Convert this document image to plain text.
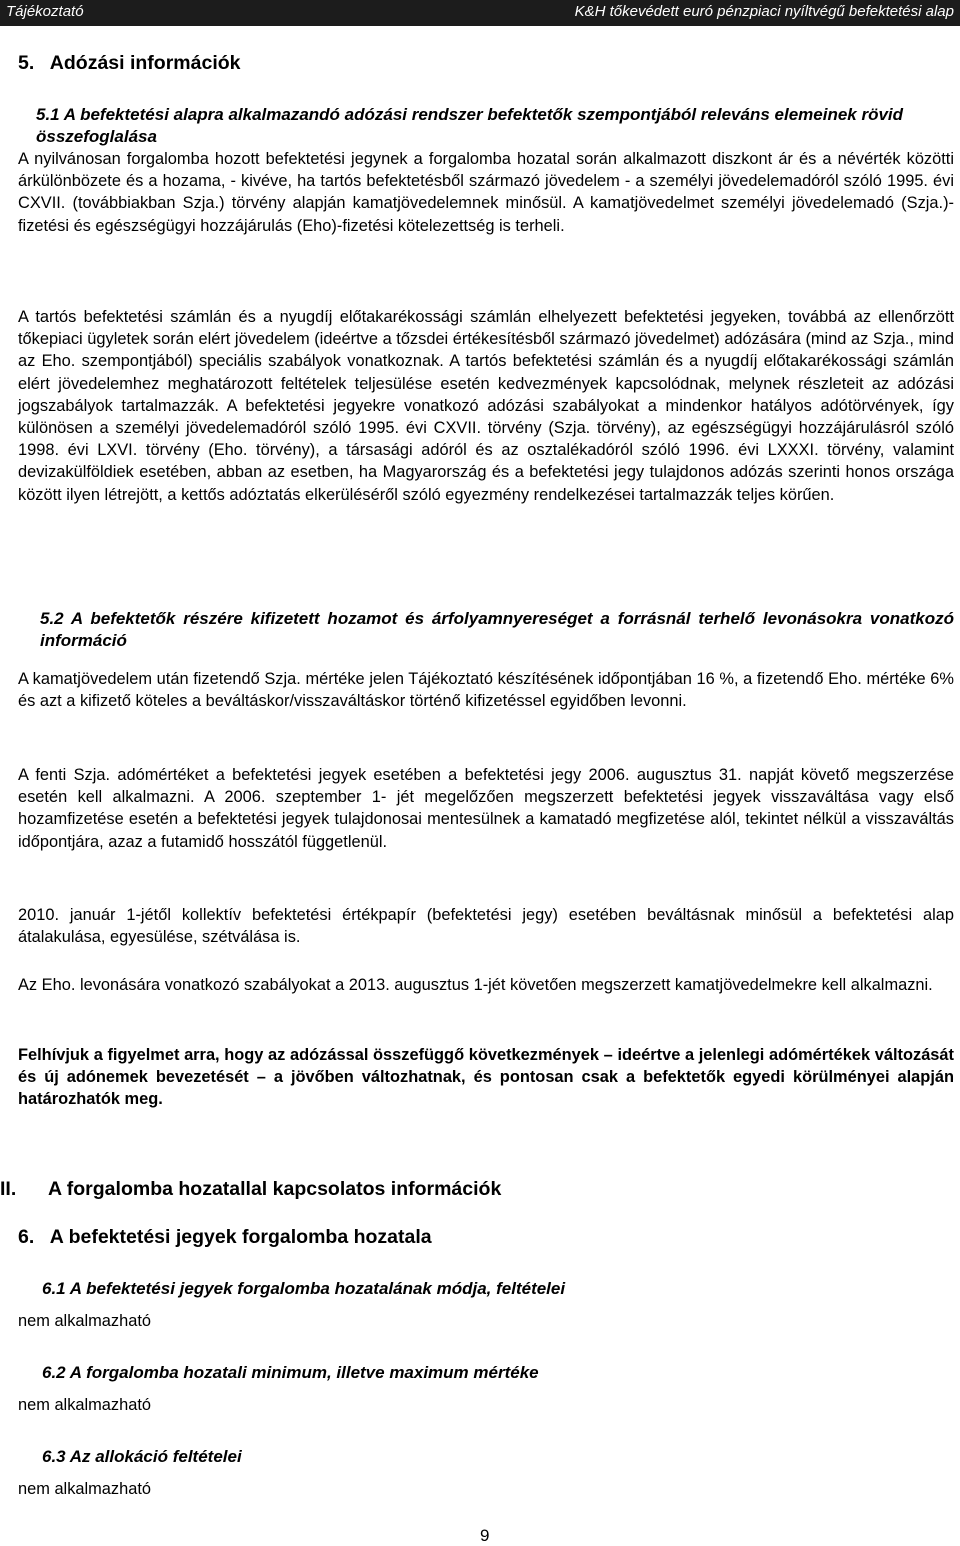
Tájékoztató	K&H tőkevédett euró pénzpiaci nyíltvégű befektetési alap
5.   Adózási információk
5.1 A befektetési alapra alkalmazandó adózási rendszer befektetők szempontjából releváns elemeinek rövid összefoglalása
A nyilvánosan forgalomba hozott befektetési jegynek a forgalomba hozatal során alkalmazott diszkont ár és a névérték közötti árkülönbözete és a hozama, - kivéve, ha tartós befektetésből származó jövedelem - a személyi jövedelemadóról szóló 1995. évi CXVII. (továbbiakban Szja.) törvény alapján kamatjövedelemnek minősül. A kamatjövedelmet személyi jövedelemadó (Szja.)-fizetési és egészségügyi hozzájárulás (Eho)-fizetési kötelezettség is terheli.
A tartós befektetési számlán és a nyugdíj előtakarékossági számlán elhelyezett befektetési jegyeken, továbbá az ellenőrzött tőkepiaci ügyletek során elért jövedelem (ideértve a tőzsdei értékesítésből származó jövedelmet) adózására (mind az Szja., mind az Eho. szempontjából) speciális szabályok vonatkoznak. A tartós befektetési számlán és a nyugdíj előtakarékossági számlán elért jövedelemhez meghatározott feltételek teljesülése esetén kedvezmények kapcsolódnak, melynek részleteit az adózási jogszabályok tartalmazzák. A befektetési jegyekre vonatkozó adózási szabályokat a mindenkor hatályos adótörvények, így különösen a személyi jövedelemadóról szóló 1995. évi CXVII. törvény (Szja. törvény), az egészségügyi hozzájárulásról szóló 1998. évi LXVI. törvény (Eho. törvény), a társasági adóról és az osztalékadóról szóló 1996. évi LXXXI. törvény, valamint devizakülföldiek esetében, abban az esetben, ha Magyarország és a befektetési jegy tulajdonos adózás szerinti honos országa között ilyen létrejött, a kettős adóztatás elkerüléséről szóló egyezmény rendelkezései tartalmazzák teljes körűen.
5.2 A befektetők részére kifizetett hozamot és árfolyamnyereséget a forrásnál terhelő levonásokra vonatkozó információ
A kamatjövedelem után fizetendő Szja. mértéke jelen Tájékoztató készítésének időpontjában 16 %, a fizetendő Eho. mértéke 6% és azt a kifizető köteles a beváltáskor/visszaváltáskor történő kifizetéssel egyidőben levonni.
A fenti Szja. adómértéket a befektetési jegyek esetében a befektetési jegy 2006. augusztus 31. napját követő megszerzése esetén kell alkalmazni. A 2006. szeptember 1- jét megelőzően megszerzett befektetési jegyek visszaváltása vagy első hozamfizetése esetén a befektetési jegyek tulajdonosai mentesülnek a kamatadó megfizetése alól, tekintet nélkül a visszaváltás időpontjára, azaz a futamidő hosszától függetlenül.
2010. január 1-jétől kollektív befektetési értékpapír (befektetési jegy) esetében beváltásnak minősül a befektetési alap átalakulása, egyesülése, szétválása is.
Az Eho. levonására vonatkozó szabályokat a 2013. augusztus 1-jét követően megszerzett kamatjövedelmekre kell alkalmazni.
Felhívjuk a figyelmet arra, hogy az adózással összefüggő következmények – ideértve a jelenlegi adómértékek változását és új adónemek bevezetését – a jövőben változhatnak, és pontosan csak a befektetők egyedi körülményei alapján határozhatók meg.
II. A forgalomba hozatallal kapcsolatos információk
6.   A befektetési jegyek forgalomba hozatala
6.1 A befektetési jegyek forgalomba hozatalának módja, feltételei
nem alkalmazható
6.2 A forgalomba hozatali minimum, illetve maximum mértéke
nem alkalmazható
6.3 Az allokáció feltételei
nem alkalmazható
9
